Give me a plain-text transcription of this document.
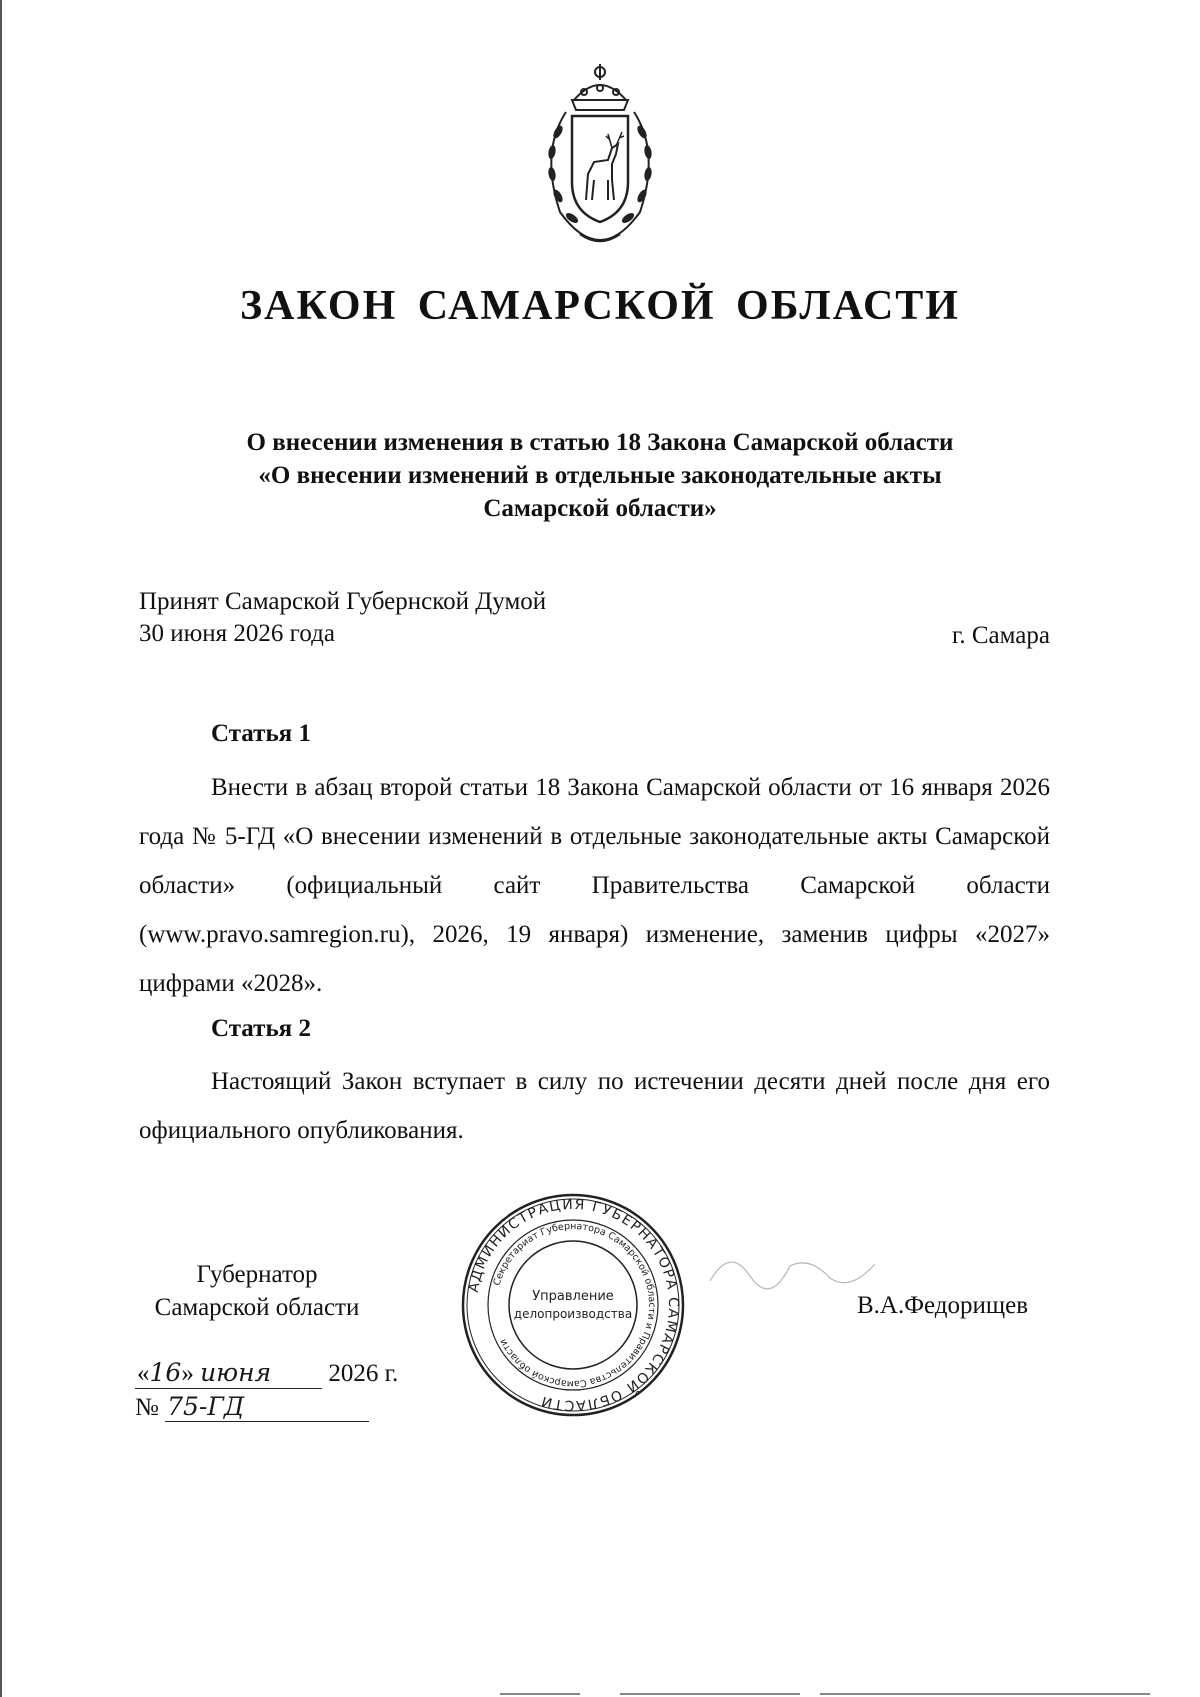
ЗАКОН САМАРСКОЙ ОБЛАСТИ
О внесении изменения в статью 18 Закона Самарской области
«О внесении изменений в отдельные законодательные акты
Самарской области»
Принят Самарской Губернской Думой
30 июня 2026 года	г. Самара
Статья 1
Внести в абзац второй статьи 18 Закона Самарской области от 16 января 2026 года № 5-ГД «О внесении изменений в отдельные законодательные акты Самарской области» (официальный сайт Правительства Самарской области (www.pravo.samregion.ru), 2026, 19 января) изменение, заменив цифры «2027» цифрами «2028».
Статья 2
Настоящий Закон вступает в силу по истечении десяти дней после дня его официального опубликования.
Губернатор
Самарской области
АДМИНИСТРАЦИЯ ГУБЕРНАТОРА САМАРСКОЙ ОБЛАСТИ
Секретариат Губернатора Самарской области и Правительства Самарской области
Управление
делопроизводства	В.А.Федорищев
«16» июня 2026 г.
№ 75-ГД
